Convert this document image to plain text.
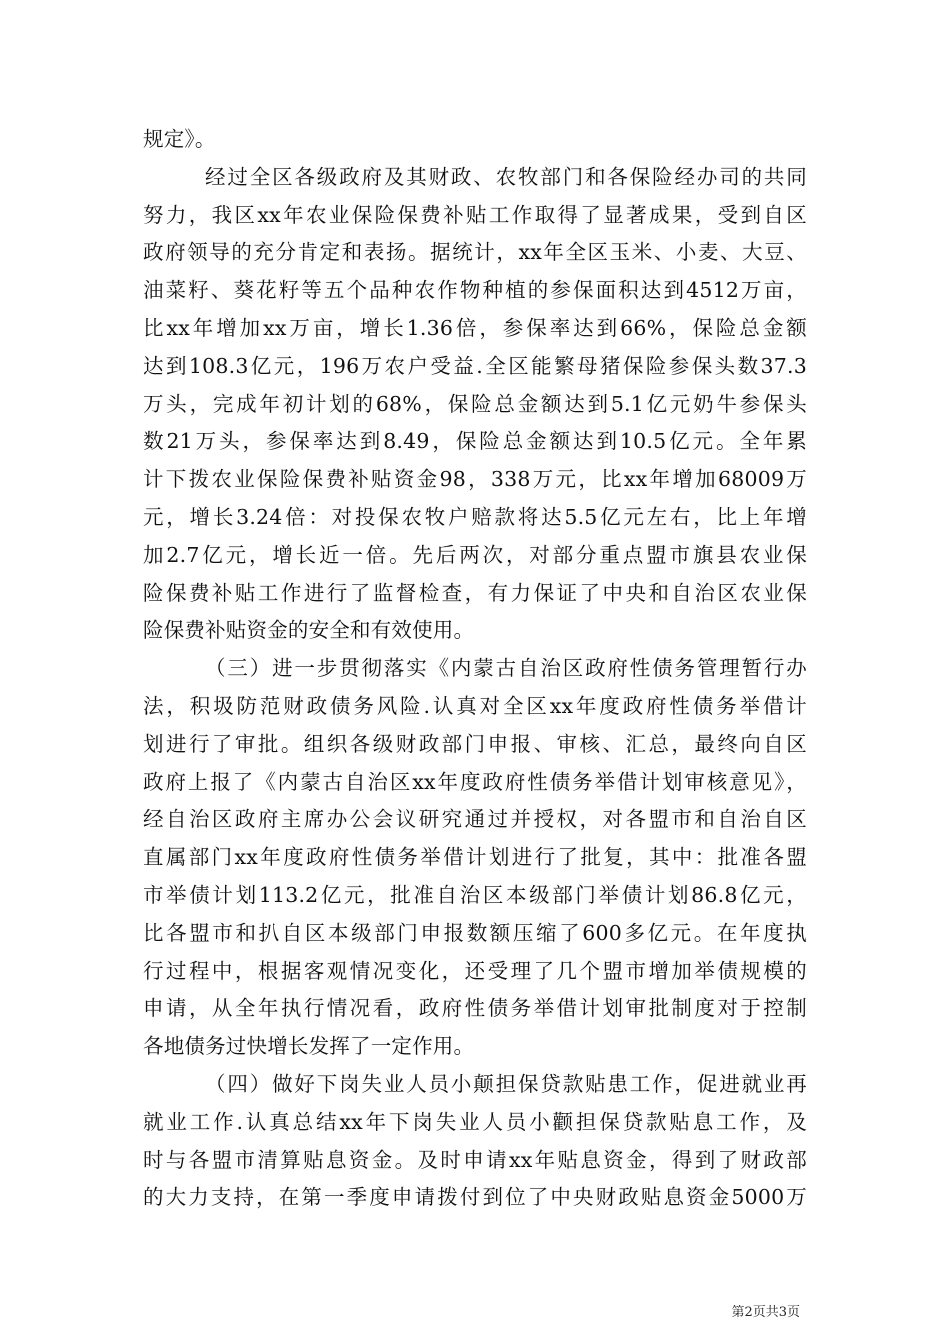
规定》。
经过全区各级政府及其财政、农牧部门和各保险经办司的共同
努力，我区xx年农业保险保费补贴工作取得了显著成果，受到自区
政府领导的充分肯定和表扬。据统计，xx年全区玉米、小麦、大豆、
油菜籽、葵花籽等五个品种农作物种植的参保面积达到4512万亩，
比xx年增加xx万亩，增长1.36倍，参保率达到66%，保险总金额
达到108.3亿元，196万农户受益.全区能繁母猪保险参保头数37.3
万头，完成年初计划的68%，保险总金额达到5.1亿元奶牛参保头
数21万头，参保率达到8.49，保险总金额达到10.5亿元。全年累
计下拨农业保险保费补贴资金98，338万元，比xx年增加68009万
元，增长3.24倍：对投保农牧户赔款将达5.5亿元左右，比上年增
加2.7亿元，增长近一倍。先后两次，对部分重点盟市旗县农业保
险保费补贴工作进行了监督检查，有力保证了中央和自治区农业保
险保费补贴资金的安全和有效使用。
（三）进一步贯彻落实《内蒙古自治区政府性债务管理暂行办
法，积圾防范财政债务风险.认真对全区xx年度政府性债务举借计
划进行了审批。组织各级财政部门申报、审核、汇总，最终向自区
政府上报了《内蒙古自治区xx年度政府性债务举借计划审核意见》，
经自治区政府主席办公会议研究通过并授权，对各盟市和自治自区
直属部门xx年度政府性债务举借计划进行了批复，其中：批准各盟
市举债计划113.2亿元，批准自治区本级部门举债计划86.8亿元，
比各盟市和扒自区本级部门申报数额压缩了600多亿元。在年度执
行过程中，根据客观情况变化，还受理了几个盟市增加举债规模的
申请，从全年执行情况看，政府性债务举借计划审批制度对于控制
各地债务过快增长发挥了一定作用。
（四）做好下岗失业人员小颠担保贷款贴患工作，促进就业再
就业工作.认真总结xx年下岗失业人员小颧担保贷款贴息工作，及
时与各盟市清算贴息资金。及时申请xx年贴息资金，得到了财政部
的大力支持，在第一季度申请拨付到位了中央财政贴息资金5000万
第2页共3页
